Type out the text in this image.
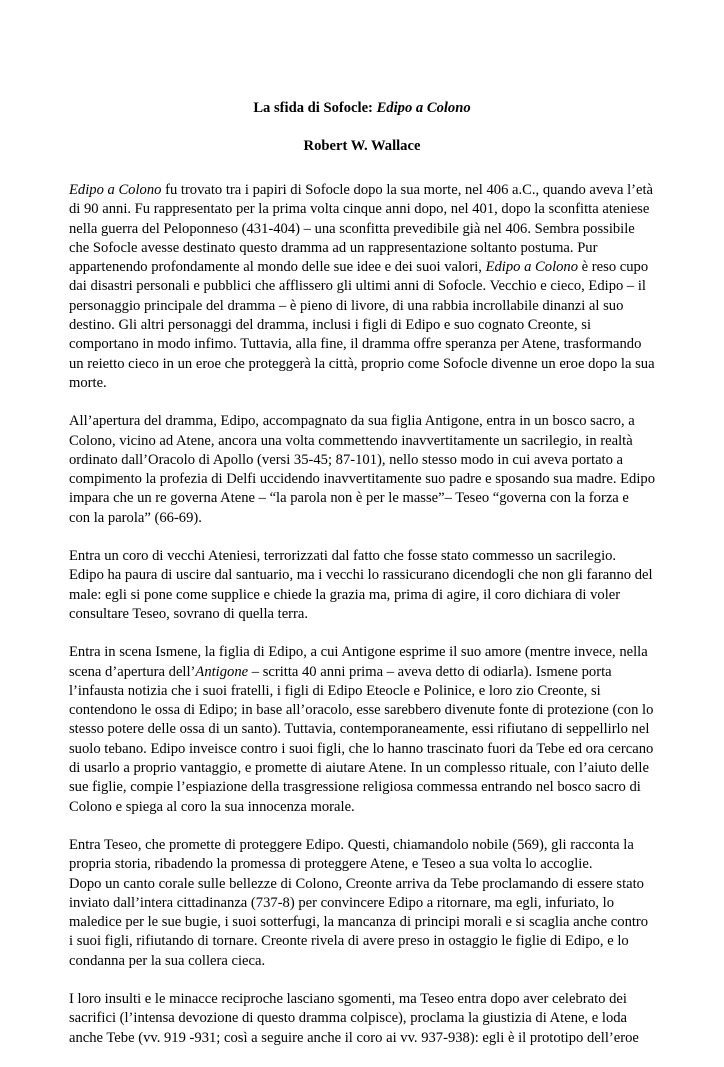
La sfida di Sofocle: Edipo a Colono

Robert W. Wallace

Edipo a Colono fu trovato tra i papiri di Sofocle dopo la sua morte, nel 406 a.C., quando aveva l’età
di 90 anni. Fu rappresentato per la prima volta cinque anni dopo, nel 401, dopo la sconfitta ateniese
nella guerra del Peloponneso (431-404) – una sconfitta prevedibile già nel 406. Sembra possibile
che Sofocle avesse destinato questo dramma ad un rappresentazione soltanto postuma. Pur
appartenendo profondamente al mondo delle sue idee e dei suoi valori, Edipo a Colono è reso cupo
dai disastri personali e pubblici che afflissero gli ultimi anni di Sofocle. Vecchio e cieco, Edipo – il
personaggio principale del dramma – è pieno di livore, di una rabbia incrollabile dinanzi al suo
destino. Gli altri personaggi del dramma, inclusi i figli di Edipo e suo cognato Creonte, si
comportano in modo infimo. Tuttavia, alla fine, il dramma offre speranza per Atene, trasformando
un reietto cieco in un eroe che proteggerà la città, proprio come Sofocle divenne un eroe dopo la sua
morte.

All’apertura del dramma, Edipo, accompagnato da sua figlia Antigone, entra in un bosco sacro, a
Colono, vicino ad Atene, ancora una volta commettendo inavvertitamente un sacrilegio, in realtà
ordinato dall’Oracolo di Apollo (versi 35-45; 87-101), nello stesso modo in cui aveva portato a
compimento la profezia di Delfi uccidendo inavvertitamente suo padre e sposando sua madre. Edipo
impara che un re governa Atene – “la parola non è per le masse”– Teseo “governa con la forza e
con la parola” (66-69).

Entra un coro di vecchi Ateniesi, terrorizzati dal fatto che fosse stato commesso un sacrilegio.
Edipo ha paura di uscire dal santuario, ma i vecchi lo rassicurano dicendogli che non gli faranno del
male: egli si pone come supplice e chiede la grazia ma, prima di agire, il coro dichiara di voler
consultare Teseo, sovrano di quella terra.

Entra in scena Ismene, la figlia di Edipo, a cui Antigone esprime il suo amore (mentre invece, nella
scena d’apertura dell’Antigone – scritta 40 anni prima – aveva detto di odiarla). Ismene porta
l’infausta notizia che i suoi fratelli, i figli di Edipo Eteocle e Polinice, e loro zio Creonte, si
contendono le ossa di Edipo; in base all’oracolo, esse sarebbero divenute fonte di protezione (con lo
stesso potere delle ossa di un santo). Tuttavia, contemporaneamente, essi rifiutano di seppellirlo nel
suolo tebano. Edipo inveisce contro i suoi figli, che lo hanno trascinato fuori da Tebe ed ora cercano
di usarlo a proprio vantaggio, e promette di aiutare Atene. In un complesso rituale, con l’aiuto delle
sue figlie, compie l’espiazione della trasgressione religiosa commessa entrando nel bosco sacro di
Colono e spiega al coro la sua innocenza morale.

Entra Teseo, che promette di proteggere Edipo. Questi, chiamandolo nobile (569), gli racconta la
propria storia, ribadendo la promessa di proteggere Atene, e Teseo a sua volta lo accoglie.

Dopo un canto corale sulle bellezze di Colono, Creonte arriva da Tebe proclamando di essere stato
inviato dall’intera cittadinanza (737-8) per convincere Edipo a ritornare, ma egli, infuriato, lo
maledice per le sue bugie, i suoi sotterfugi, la mancanza di principi morali e si scaglia anche contro
i suoi figli, rifiutando di tornare. Creonte rivela di avere preso in ostaggio le figlie di Edipo, e lo
condanna per la sua collera cieca.

I loro insulti e le minacce reciproche lasciano sgomenti, ma Teseo entra dopo aver celebrato dei
sacrifici (l’intensa devozione di questo dramma colpisce), proclama la giustizia di Atene, e loda
anche Tebe (vv. 919 -931; così a seguire anche il coro ai vv. 937-938): egli è il prototipo dell’eroe
